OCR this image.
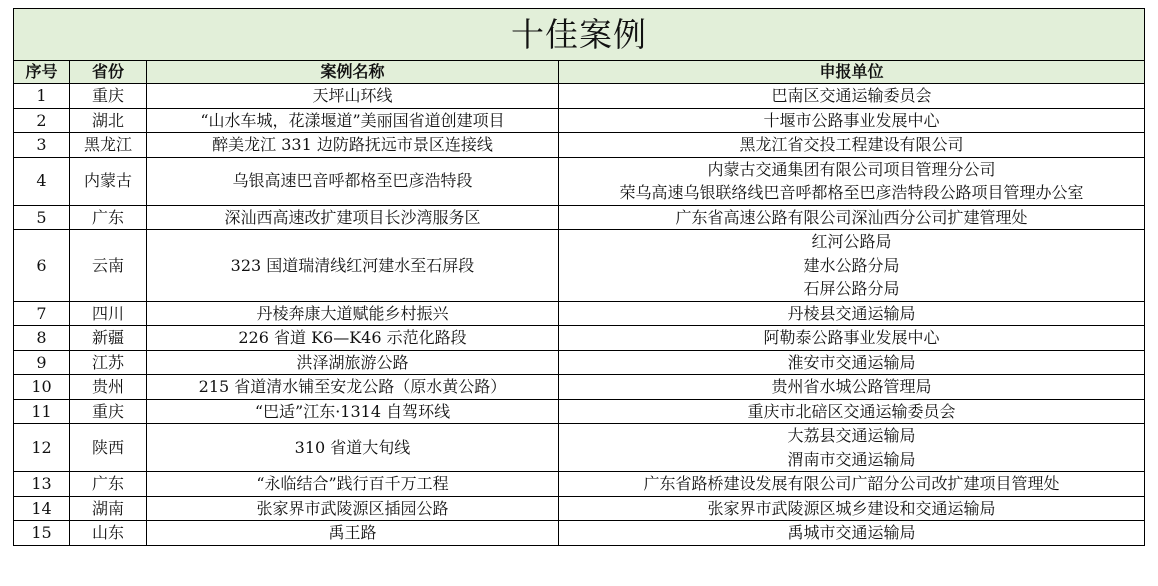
十佳案例			
序号	省份	案例名称	申报单位
1	重庆	天坪山环线	巴南区交通运输委员会

2	湖北	“山水车城，花漾堰道”美丽国省道创建项目	十堰市公路事业发展中心

3	黑龙江	醉美龙江 331 边防路抚远市景区连接线	黑龙江省交投工程建设有限公司

4	内蒙古	乌银高速巴音呼都格至巴彦浩特段	内蒙古交通集团有限公司项目管理分公司
荣乌高速乌银联络线巴音呼都格至巴彦浩特段公路项目管理办公室

5	广东	深汕西高速改扩建项目长沙湾服务区	广东省高速公路有限公司深汕西分公司扩建管理处

6	云南	323 国道瑞清线红河建水至石屏段	红河公路局
建水公路分局
石屏公路分局

7	四川	丹棱奔康大道赋能乡村振兴	丹棱县交通运输局

8	新疆	226 省道 K6—K46 示范化路段	阿勒泰公路事业发展中心

9	江苏	洪泽湖旅游公路	淮安市交通运输局

10	贵州	215 省道清水铺至安龙公路（原水黄公路）	贵州省水城公路管理局

11	重庆	“巴适”江东·1314 自驾环线	重庆市北碚区交通运输委员会

12	陕西	310 省道大旬线	大荔县交通运输局
渭南市交通运输局

13	广东	“永临结合”践行百千万工程	广东省路桥建设发展有限公司广韶分公司改扩建项目管理处

14	湖南	张家界市武陵源区插园公路	张家界市武陵源区城乡建设和交通运输局

15	山东	禹王路	禹城市交通运输局
